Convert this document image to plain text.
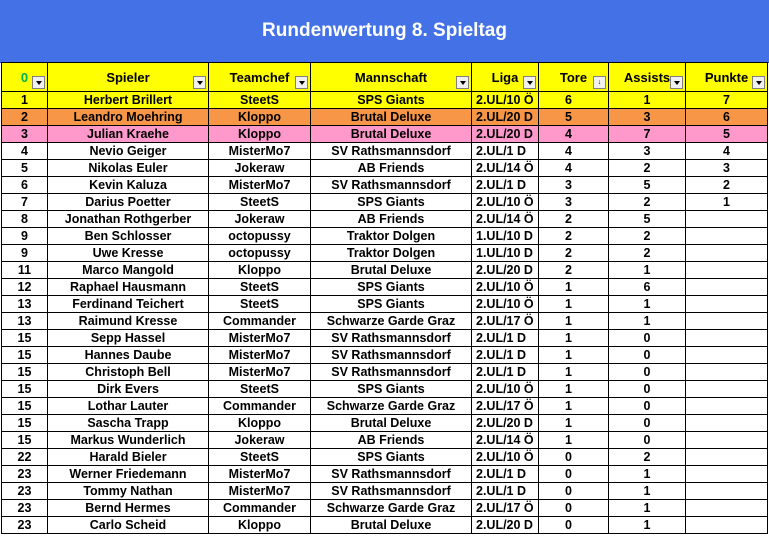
Rundenwertung 8. Spieltag
0	Spieler	Teamchef	Mannschaft	Liga	Tore ↓	Assists	Punkte

1	Herbert Brillert	SteetS	SPS Giants	2.UL/10 Ö	6	1	7
2	Leandro Moehring	Kloppo	Brutal Deluxe	2.UL/20 D	5	3	6
3	Julian Kraehe	Kloppo	Brutal Deluxe	2.UL/20 D	4	7	5
4	Nevio Geiger	MisterMo7	SV Rathsmannsdorf	2.UL/1 D	4	3	4
5	Nikolas Euler	Jokeraw	AB Friends	2.UL/14 Ö	4	2	3
6	Kevin Kaluza	MisterMo7	SV Rathsmannsdorf	2.UL/1 D	3	5	2
7	Darius Poetter	SteetS	SPS Giants	2.UL/10 Ö	3	2	1
8	Jonathan Rothgerber	Jokeraw	AB Friends	2.UL/14 Ö	2	5	
9	Ben Schlosser	octopussy	Traktor Dolgen	1.UL/10 D	2	2	
9	Uwe Kresse	octopussy	Traktor Dolgen	1.UL/10 D	2	2	
11	Marco Mangold	Kloppo	Brutal Deluxe	2.UL/20 D	2	1	
12	Raphael Hausmann	SteetS	SPS Giants	2.UL/10 Ö	1	6	
13	Ferdinand Teichert	SteetS	SPS Giants	2.UL/10 Ö	1	1	
13	Raimund Kresse	Commander	Schwarze Garde Graz	2.UL/17 Ö	1	1	
15	Sepp Hassel	MisterMo7	SV Rathsmannsdorf	2.UL/1 D	1	0	
15	Hannes Daube	MisterMo7	SV Rathsmannsdorf	2.UL/1 D	1	0	
15	Christoph Bell	MisterMo7	SV Rathsmannsdorf	2.UL/1 D	1	0	
15	Dirk Evers	SteetS	SPS Giants	2.UL/10 Ö	1	0	
15	Lothar Lauter	Commander	Schwarze Garde Graz	2.UL/17 Ö	1	0	
15	Sascha Trapp	Kloppo	Brutal Deluxe	2.UL/20 D	1	0	
15	Markus Wunderlich	Jokeraw	AB Friends	2.UL/14 Ö	1	0	
22	Harald Bieler	SteetS	SPS Giants	2.UL/10 Ö	0	2	
23	Werner Friedemann	MisterMo7	SV Rathsmannsdorf	2.UL/1 D	0	1	
23	Tommy Nathan	MisterMo7	SV Rathsmannsdorf	2.UL/1 D	0	1	
23	Bernd Hermes	Commander	Schwarze Garde Graz	2.UL/17 Ö	0	1	
23	Carlo Scheid	Kloppo	Brutal Deluxe	2.UL/20 D	0	1	
